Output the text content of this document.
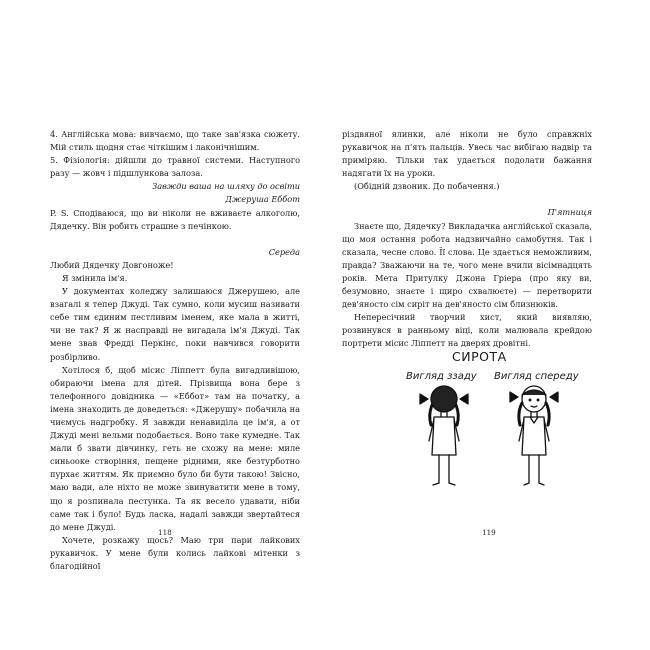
4. Англійська мова: вивчаємо, що таке зав'язка сюжету. Мій стиль щодня стає чіткішим і лаконічнішим.

5. Фізіологія: дійшли до травної системи. Наступного разу — жовч і підшлункова залоза.

Завжди ваша на шляху до освіти

Джеруша Еббот

P. S. Сподіваюся, що ви ніколи не вживаєте алкоголю, Дядечку. Він робить страшне з печінкою.

Середа

Любий Дядечку Довгоноже!

Я змінила ім'я.

У документах коледжу залишаюся Джерушею, але взагалі я тепер Джуді. Так сумно, коли мусиш називати себе тим єдиним пестливим іменем, яке мала в житті, чи не так? Я ж насправді не вигадала ім'я Джуді. Так мене звав Фредді Перкінс, поки навчився говорити розбірливо.

Хотілося б, щоб місис Ліппетт була вигадливішою, обираючи імена для дітей. Прізвища вона бере з телефонного довідника — «Еббот» там на початку, а імена знаходить де доведеться: «Джерушу» побачила на чиємусь надгробку. Я завжди ненавиділа це ім'я, а от Джуді мені вельми подобається. Воно таке кумедне. Так мали б звати дівчинку, геть не схожу на мене: миле синьооке створіння, пещене рідними, яке безтурботно пурхає життям. Як приємно було би бути такою! Звісно, маю вади, але ніхто не може звинуватити мене в тому, що я розпинала пестунка. Та як весело удавати, ніби саме так і було! Будь ласка, надалі завжди звертайтеся до мене Джуді.

Хочете, розкажу щось? Маю три пари лайкових рукавичок. У мене були колись лайкові мітенки з благодійної

118

різдвяної ялинки, але ніколи не було справжніх рукавичок на п'ять пальців. Увесь час вибігаю надвір та приміряю. Тільки так удається подолати бажання надягати їх на уроки.

(Обідній дзвоник. До побачення.)

П'ятниця

Знаєте що, Дядечку? Викладачка англійської сказала, що моя остання робота надзвичайно самобутня. Так і сказала, чесне слово. Її слова. Це здається неможливим, правда? Зважаючи на те, чого мене вчили вісімнадцять років. Мета Притулку Джона Гріера (про яку ви, безумовно, знаєте і щиро схвалюєте) — перетворити дев'яносто сім сиріт на дев'яносто сім близнюків.

Непересічний творчий хист, який виявляю, розвинувся в ранньому віці, коли малювала крейдою портрети місис Ліппетт на дверях дровітні.

СИРОТА
Вигляд ззаду Вигляд спереду
119
